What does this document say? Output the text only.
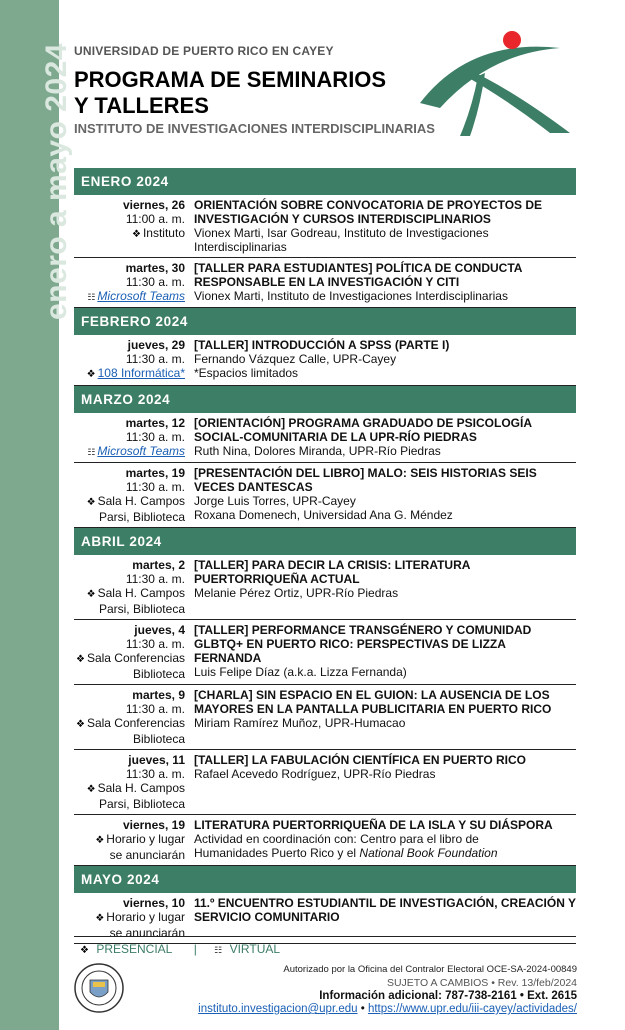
enero a mayo 2024 UNIVERSIDAD DE PUERTO RICO EN CAYEY
PROGRAMA DE SEMINARIOS
Y TALLERES
INSTITUTO DE INVESTIGACIONES INTERDISCIPLINARIAS
ENERO 2024
viernes, 26
11:00 a. m.
❖ Instituto
ORIENTACIÓN SOBRE CONVOCATORIA DE PROYECTOS DE INVESTIGACIÓN Y CURSOS INTERDISCIPLINARIOS
Vionex Marti, Isar Godreau, Instituto de Investigaciones Interdisciplinarias
martes, 30
11:30 a. m.
☷ Microsoft Teams
[TALLER PARA ESTUDIANTES] POLÍTICA DE CONDUCTA RESPONSABLE EN LA INVESTIGACIÓN Y CITI
Vionex Marti, Instituto de Investigaciones Interdisciplinarias
FEBRERO 2024
jueves, 29
11:30 a. m.
❖ 108 Informática*
[TALLER] INTRODUCCIÓN A SPSS (PARTE I)
Fernando Vázquez Calle, UPR-Cayey
*Espacios limitados
MARZO 2024
martes, 12
11:30 a. m.
☷ Microsoft Teams
[ORIENTACIÓN] PROGRAMA GRADUADO DE PSICOLOGÍA SOCIAL-COMUNITARIA DE LA UPR-RÍO PIEDRAS
Ruth Nina, Dolores Miranda, UPR-Río Piedras
martes, 19
11:30 a. m.
❖ Sala H. Campos
Parsi, Biblioteca
[PRESENTACIÓN DEL LIBRO] MALO: SEIS HISTORIAS SEIS VECES DANTESCAS
Jorge Luis Torres, UPR-Cayey
Roxana Domenech, Universidad Ana G. Méndez
ABRIL 2024
martes, 2
11:30 a. m.
❖ Sala H. Campos
Parsi, Biblioteca
[TALLER] PARA DECIR LA CRISIS: LITERATURA PUERTORRIQUEÑA ACTUAL
Melanie Pérez Ortiz, UPR-Río Piedras
jueves, 4
11:30 a. m.
❖ Sala Conferencias
Biblioteca
[TALLER] PERFORMANCE TRANSGÉNERO Y COMUNIDAD GLBTQ+ EN PUERTO RICO: PERSPECTIVAS DE LIZZA FERNANDA
Luis Felipe Díaz (a.k.a. Lizza Fernanda)
martes, 9
11:30 a. m.
❖ Sala Conferencias
Biblioteca
[CHARLA] SIN ESPACIO EN EL GUION: LA AUSENCIA DE LOS MAYORES EN LA PANTALLA PUBLICITARIA EN PUERTO RICO
Miriam Ramírez Muñoz, UPR-Humacao
jueves, 11
11:30 a. m.
❖ Sala H. Campos
Parsi, Biblioteca
[TALLER] LA FABULACIÓN CIENTÍFICA EN PUERTO RICO
Rafael Acevedo Rodríguez, UPR-Río Piedras
viernes, 19
❖ Horario y lugar
se anunciarán
LITERATURA PUERTORRIQUEÑA DE LA ISLA Y SU DIÁSPORA
Actividad en coordinación con: Centro para el libro de
Humanidades Puerto Rico y el National Book Foundation
MAYO 2024
viernes, 10
❖ Horario y lugar
se anunciarán
11.º ENCUENTRO ESTUDIANTIL DE INVESTIGACIÓN, CREACIÓN Y SERVICIO COMUNITARIO
❖ PRESENCIAL | ☷ VIRTUAL
Autorizado por la Oficina del Contralor Electoral OCE-SA-2024-00849
SUJETO A CAMBIOS • Rev. 13/feb/2024
Información adicional: 787-738-2161 • Ext. 2615
instituto.investigacion@upr.edu • https://www.upr.edu/iii-cayey/actividades/
